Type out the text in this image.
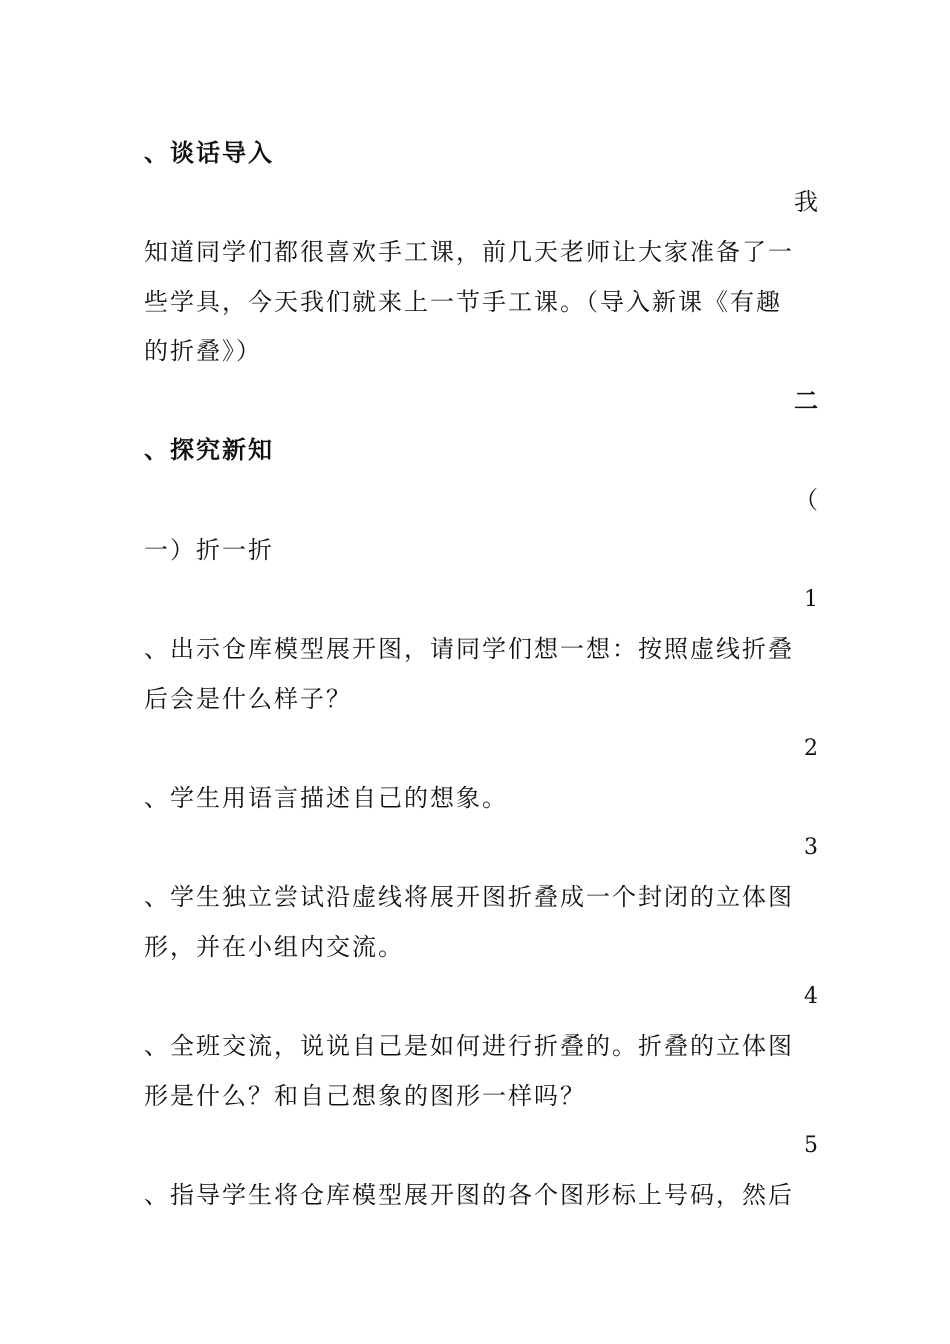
、谈话导入
我
知道同学们都很喜欢手工课，前几天老师让大家准备了一
些学具，今天我们就来上一节手工课。（导入新课《有趣
的折叠》）
二
、探究新知
（
一）折一折
1
、出示仓库模型展开图，请同学们想一想：按照虚线折叠
后会是什么样子？
2
、学生用语言描述自己的想象。
3
、学生独立尝试沿虚线将展开图折叠成一个封闭的立体图
形，并在小组内交流。
4
、全班交流，说说自己是如何进行折叠的。折叠的立体图
形是什么？和自己想象的图形一样吗？
5
、指导学生将仓库模型展开图的各个图形标上号码，然后
